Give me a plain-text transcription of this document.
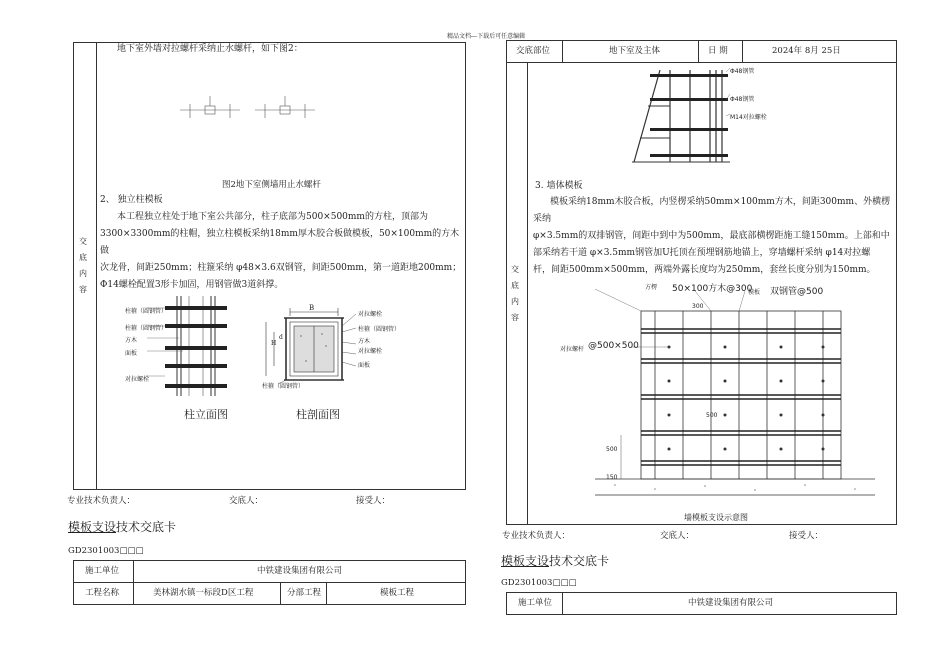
精品文档---下载后可任意编辑
交
底
内
容
地下室外墙对拉螺杆采纳止水螺杆，如下图2：
图2地下室侧墙用止水螺杆
2、 独立柱模板
本工程独立柱处于地下室公共部分，柱子底部为500×500mm的方柱，顶部为
3300×3300mm的柱帽，独立柱模板采纳18mm厚木胶合板做模板，50×100mm的方木做
次龙骨，间距250mm；柱箍采纳 φ48×3.6双钢管，间距500mm，第一道距地200mm；
Φ14螺栓配置3形卡加固，用钢管做3道斜撑。
柱箍（圆钢管）
柱箍（圆钢管）
方木
面板
对拉螺栓
B
H
d
对拉螺栓
柱箍（圆钢管）
方木
对拉螺栓
面板
柱箍（圆钢管）
柱立面图	柱剖面图
专业技术负责人：	交底人：	接受人：
模板支设技术交底卡
GD2301003□□□
施工单位	中铁建设集团有限公司
工程名称	美林湖水镇一标段D区工程	分部工程	模板工程
交底部位	地下室及主体	日 期	2024年 8月 25日
交
底
内
容
Φ48钢管
Φ48钢管
M14对拉螺栓
3. 墙体模板
模板采纳18mm木胶合板，内竖楞采纳50mm×100mm方木，间距300mm、外横楞采纳
φ×3.5mm的双排钢管，间距中到中为500mm，最底部横楞距施工缝150mm。上部和中
部采纳若干道 φ×3.5mm钢管加U托顶在预埋钢筋地锚上，穿墙螺杆采纳 φ14对拉螺
杆，间距500mm×500mm，两端外露长度均为250mm，套丝长度分别为150mm。
方楞 50×100方木@300
模板 双钢管@500
300
对拉螺杆 @500×500
500
500
150
墙模板支设示意图
专业技术负责人：	交底人：	接受人：
模板支设技术交底卡
GD2301003□□□
施工单位	中铁建设集团有限公司
